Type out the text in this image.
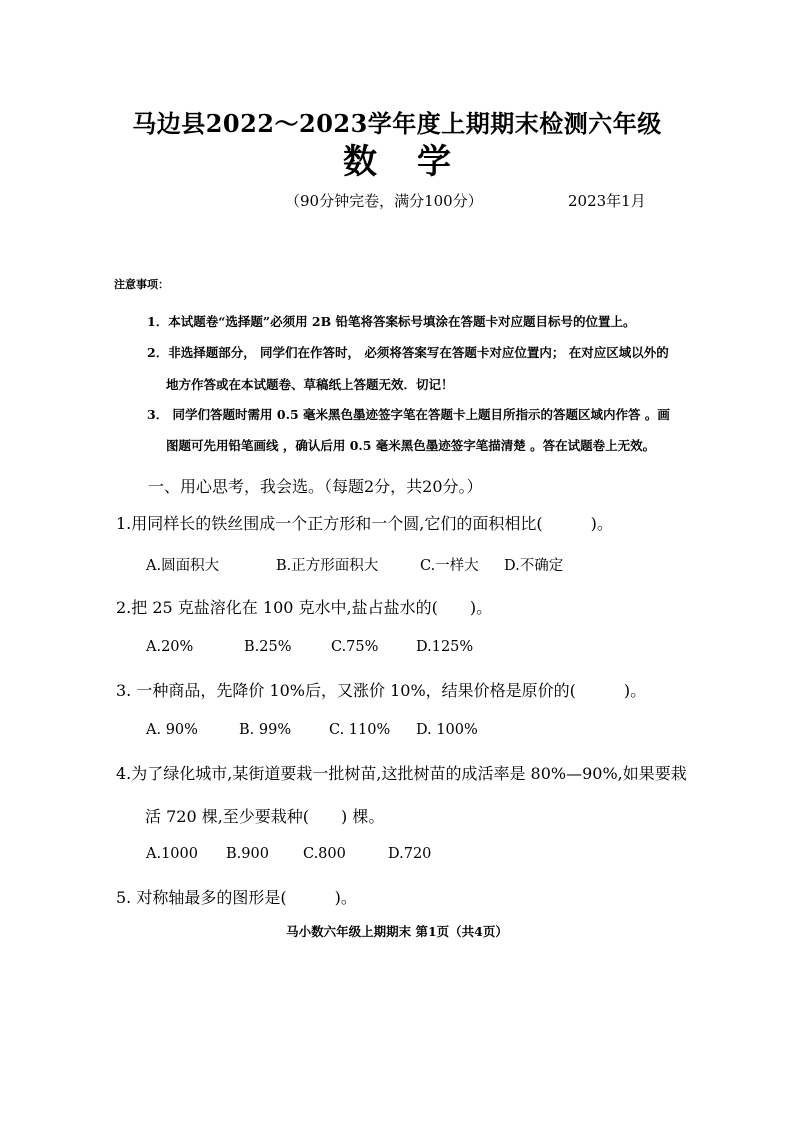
马边县2022～2023学年度上期期末检测六年级
数学
（90分钟完卷，满分100分）	2023年1月
注意事项：
1．本试题卷“选择题”必须用 2B 铅笔将答案标号填涂在答题卡对应题目标号的位置上。
2．非选择题部分， 同学们在作答时， 必须将答案写在答题卡对应位置内； 在对应区域以外的
地方作答或在本试题卷、草稿纸上答题无效．切记！
3． 同学们答题时需用 0.5 毫米黑色墨迹签字笔在答题卡上题目所指示的答题区域内作答 。画
图题可先用铅笔画线 ，确认后用 0.5 毫米黑色墨迹签字笔描清楚 。答在试题卷上无效。
一、用心思考，我会选。（每题2分，共20分。）
1.用同样长的铁丝围成一个正方形和一个圆,它们的面积相比(　　　)。
A.圆面积大	B.正方形面积大	C.一样大 D.不确定
2.把 25 克盐溶化在 100 克水中,盐占盐水的(　　)。
A.20%	B.25%	C.75%	D.125%
3. 一种商品，先降价 10%后，又涨价 10%，结果价格是原价的(　　　)。
A. 90%	B. 99%	C. 110% D. 100%
4.为了绿化城市,某街道要栽一批树苗,这批树苗的成活率是 80%—90%,如果要栽
活 720 棵,至少要栽种(　　) 棵。
A.1000 B.900 C.800	D.720
5. 对称轴最多的图形是(　　　)。
马小数六年级上期期末 第1页（共4页）
